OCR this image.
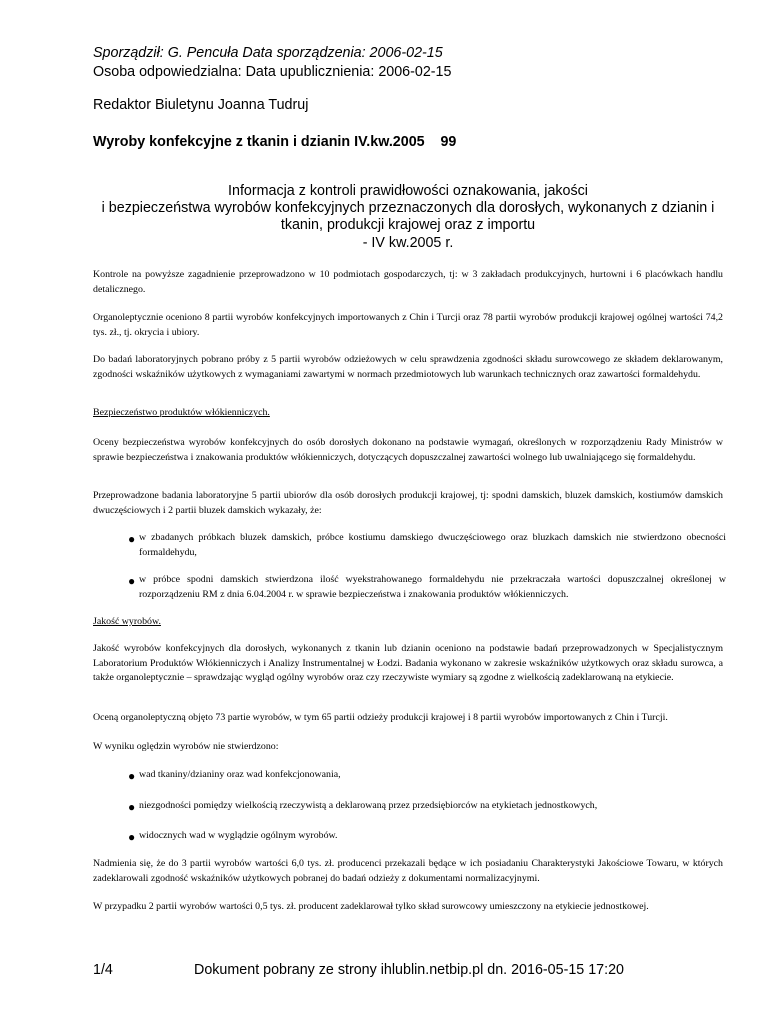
Sporządził: G. Pencuła Data sporządzenia: 2006-02-15
Osoba odpowiedzialna: Data upublicznienia: 2006-02-15
Redaktor Biuletynu Joanna Tudruj
Wyroby konfekcyjne z tkanin i dzianin IV.kw.2005    99
Informacja z kontroli prawidłowości oznakowania, jakości
i bezpieczeństwa wyrobów konfekcyjnych przeznaczonych dla dorosłych, wykonanych z dzianin i
tkanin, produkcji krajowej oraz z importu
- IV kw.2005 r.

Kontrole na powyższe zagadnienie przeprowadzono w 10 podmiotach gospodarczych, tj: w 3 zakładach produkcyjnych, hurtowni i 6 placówkach handlu detalicznego.

Organoleptycznie oceniono 8 partii wyrobów konfekcyjnych importowanych z Chin i Turcji oraz 78 partii wyrobów produkcji krajowej ogólnej wartości 74,2 tys. zł., tj. okrycia i ubiory.

Do badań laboratoryjnych pobrano próby z 5 partii wyrobów odzieżowych w celu sprawdzenia zgodności składu surowcowego ze składem deklarowanym, zgodności wskaźników użytkowych z wymaganiami zawartymi w normach przedmiotowych lub warunkach technicznych oraz zawartości formaldehydu.

Bezpieczeństwo produktów włókienniczych.

Oceny bezpieczeństwa wyrobów konfekcyjnych do osób dorosłych dokonano na podstawie wymagań, określonych w rozporządzeniu Rady Ministrów w sprawie bezpieczeństwa i znakowania produktów włókienniczych, dotyczących dopuszczalnej zawartości wolnego lub uwalniającego się formaldehydu.

Przeprowadzone badania laboratoryjne 5 partii ubiorów dla osób dorosłych produkcji krajowej, tj: spodni damskich, bluzek damskich, kostiumów damskich dwuczęściowych i 2 partii bluzek damskich wykazały, że:

● w zbadanych próbkach bluzek damskich, próbce kostiumu damskiego dwuczęściowego oraz bluzkach damskich nie stwierdzono obecności formaldehydu,
● w próbce spodni damskich stwierdzona ilość wyekstrahowanego formaldehydu nie przekraczała wartości dopuszczalnej określonej w rozporządzeniu RM z dnia 6.04.2004 r. w sprawie bezpieczeństwa i znakowania produktów włókienniczych.
Jakość wyrobów.

Jakość wyrobów konfekcyjnych dla dorosłych, wykonanych z tkanin lub dzianin oceniono na podstawie badań przeprowadzonych w Specjalistycznym Laboratorium Produktów Włókienniczych i Analizy Instrumentalnej w Łodzi. Badania wykonano w zakresie wskaźników użytkowych oraz składu surowca, a także organoleptycznie – sprawdzając wygląd ogólny wyrobów oraz czy rzeczywiste wymiary są zgodne z wielkością zadeklarowaną na etykiecie.

Oceną organoleptyczną objęto 73 partie wyrobów, w tym 65 partii odzieży produkcji krajowej i 8 partii wyrobów importowanych z Chin i Turcji.

W wyniku oględzin wyrobów nie stwierdzono:

● wad tkaniny/dzianiny oraz wad konfekcjonowania,
● niezgodności pomiędzy wielkością rzeczywistą a deklarowaną przez przedsiębiorców na etykietach jednostkowych,
● widocznych wad w wyglądzie ogólnym wyrobów.

Nadmienia się, że do 3 partii wyrobów wartości 6,0 tys. zł. producenci przekazali będące w ich posiadaniu Charakterystyki Jakościowe Towaru, w których zadeklarowali zgodność wskaźników użytkowych pobranej do badań odzieży z dokumentami normalizacyjnymi.

W przypadku 2 partii wyrobów wartości 0,5 tys. zł. producent zadeklarował tylko skład surowcowy umieszczony na etykiecie jednostkowej.

1/4	Dokument pobrany ze strony ihlublin.netbip.pl dn. 2016-05-15 17:20
